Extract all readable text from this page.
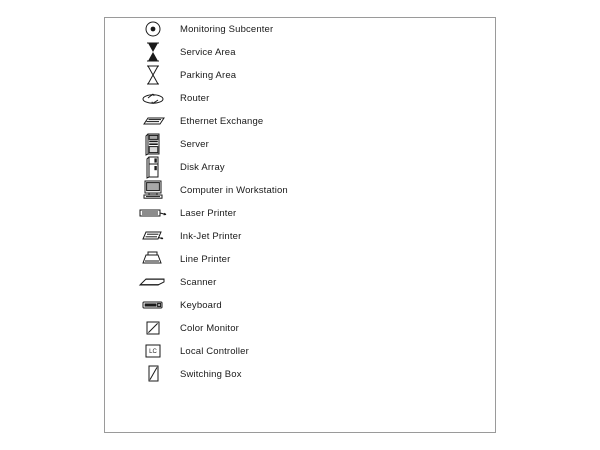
Monitoring Subcenter
Service Area
Parking Area
Router
Ethernet Exchange
Server
Disk Array
Computer in Workstation
Laser Printer
Ink-Jet Printer
Line Printer
Scanner
Keyboard
Color Monitor
LC	Local Controller
Switching Box
